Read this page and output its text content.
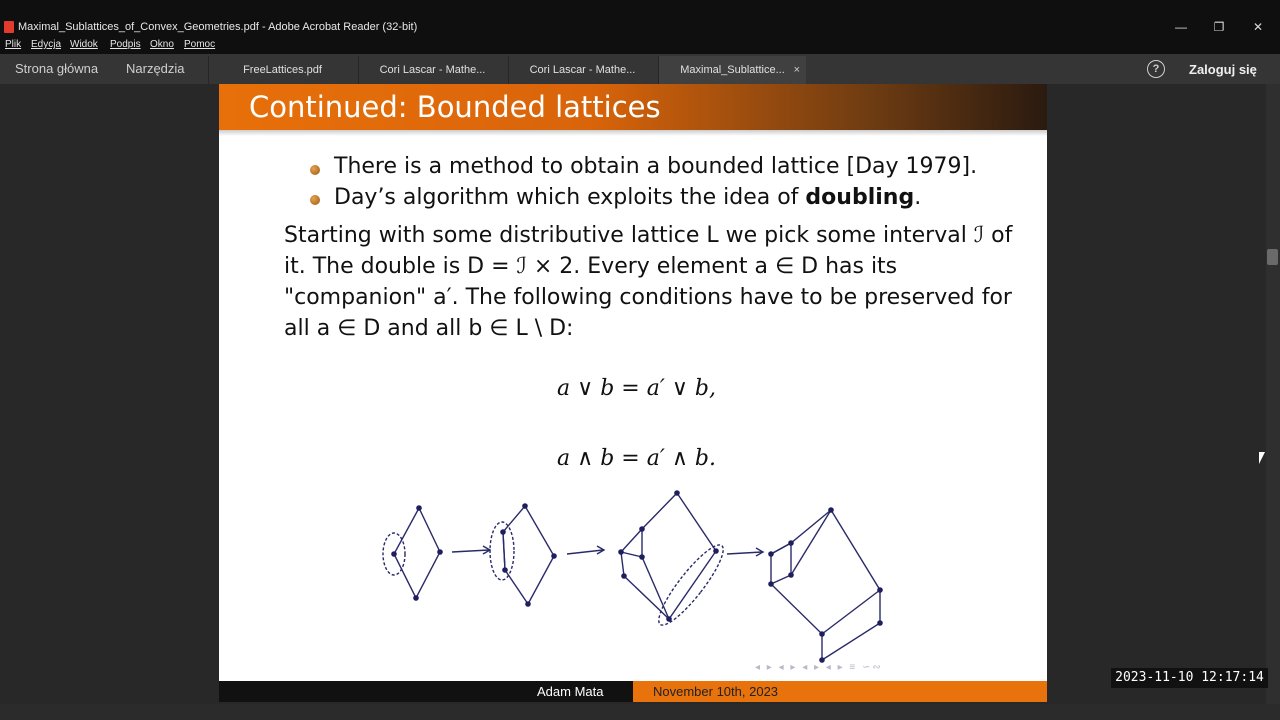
Maximal_Sublattices_of_Convex_Geometries.pdf - Adobe Acrobat Reader (32-bit)	—	❐	✕
Plik Edycja Widok Podpis Okno Pomoc
Strona główna Narzędzia	FreeLattices.pdf	Cori Lascar - Mathe...	Cori Lascar - Mathe...	Maximal_Sublattice... ×	?	Zaloguj się
Continued: Bounded lattices
There is a method to obtain a bounded lattice [Day 1979].
Day’s algorithm which exploits the idea of doubling.
Starting with some distributive lattice L we pick some interval ℐ of
it. The double is D = ℐ × 2. Every element a ∈ D has its
"companion" a′. The following conditions have to be preserved for
all a ∈ D and all b ∈ L \ D:
a ∨ b = a′ ∨ b,
a ∧ b = a′ ∧ b.
◂ ▸ ◂ ▸ ◂ ▸ ◂ ▸ ≡ ∽∾
Adam Mata	November 10th, 2023
2023-11-10 12:17:14
